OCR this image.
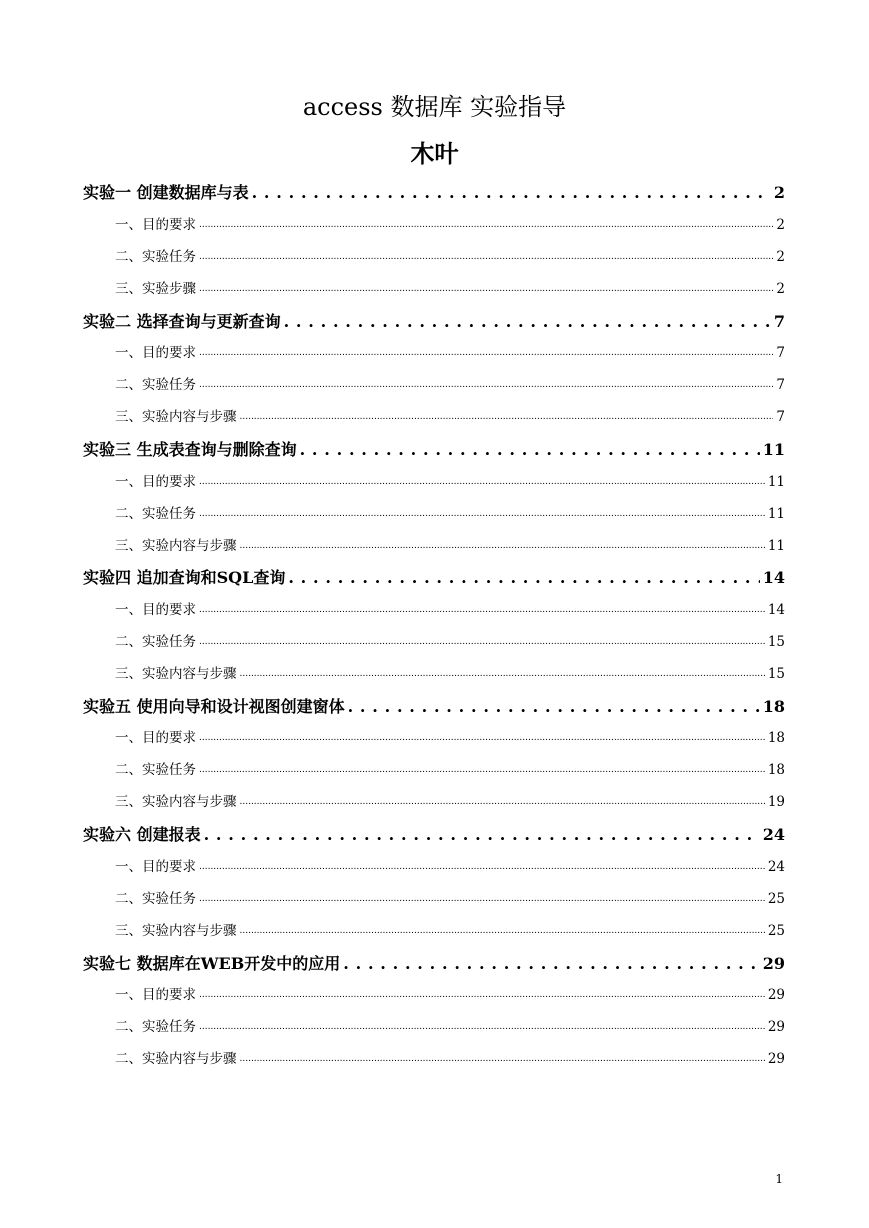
access 数据库 实验指导
木叶
实验一 创建数据库与表 . . .	2
一、目的要求 .....	2
二、实验任务 .....	2
三、实验步骤 .....	2
实验二 选择查询与更新查询 . . .	7
一、目的要求 .....	7
二、实验任务 .....	7
三、实验内容与步骤 .....	7
实验三 生成表查询与删除查询 . . .	11
一、目的要求 .....	11
二、实验任务 .....	11
三、实验内容与步骤 .....	11
实验四 追加查询和SQL查询 . . .	14
一、目的要求 .....	14
二、实验任务 .....	15
三、实验内容与步骤 .....	15
实验五 使用向导和设计视图创建窗体 . . .	18
一、目的要求 .....	18
二、实验任务 .....	18
三、实验内容与步骤 .....	19
实验六 创建报表 . . .	24
一、目的要求 .....	24
二、实验任务 .....	25
三、实验内容与步骤 .....	25
实验七 数据库在WEB开发中的应用 . . .	29
一、目的要求 .....	29
二、实验任务 .....	29
二、实验内容与步骤 .....	29
1
